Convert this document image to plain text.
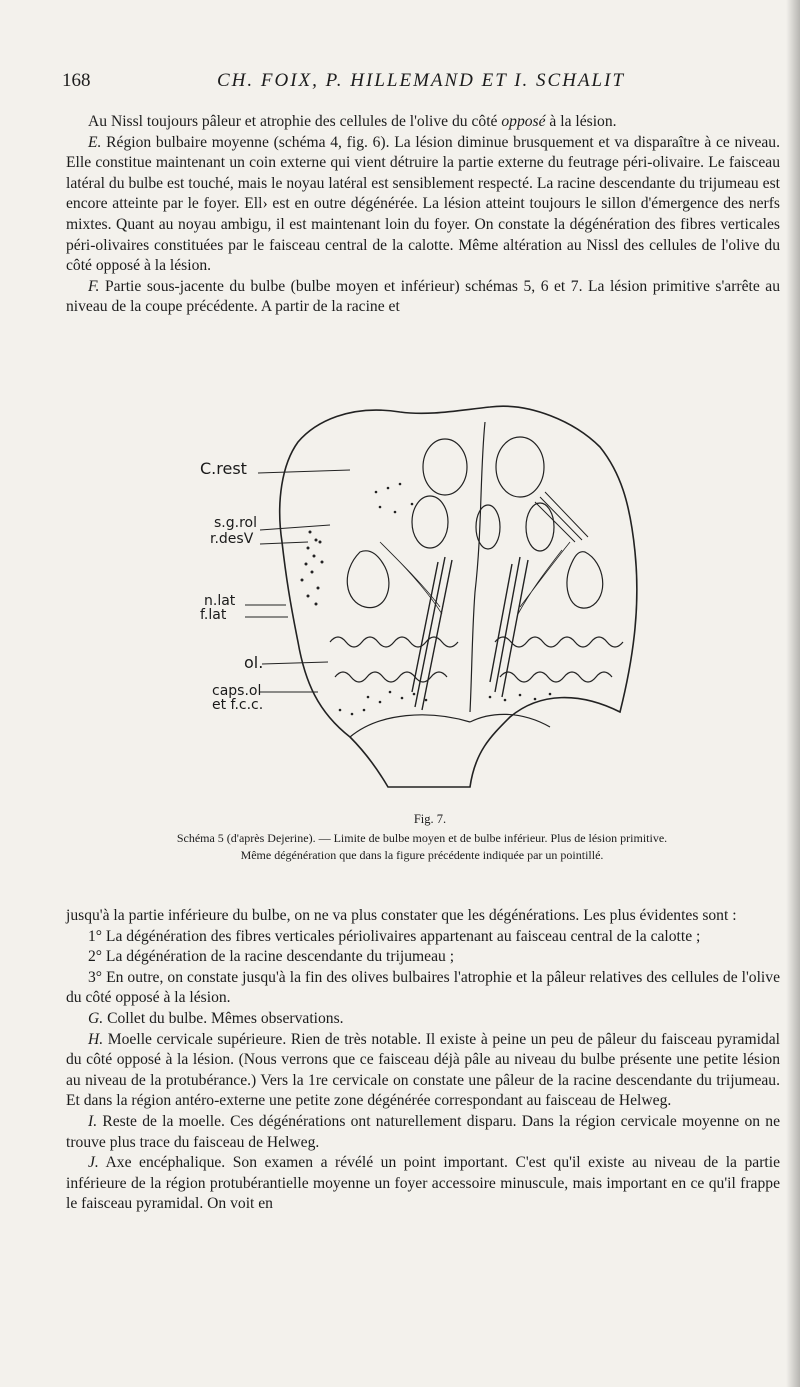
168	CH. FOIX, P. HILLEMAND ET I. SCHALIT

Au Nissl toujours pâleur et atrophie des cellules de l'olive du côté opposé à la lésion.

E. Région bulbaire moyenne (schéma 4, fig. 6). La lésion diminue brusquement et va disparaître à ce niveau. Elle constitue maintenant un coin externe qui vient détruire la partie externe du feutrage péri-olivaire. Le faisceau latéral du bulbe est touché, mais le noyau latéral est sensiblement respecté. La racine descendante du trijumeau est encore atteinte par le foyer. Ell› est en outre dégénérée. La lésion atteint toujours le sillon d'émergence des nerfs mixtes. Quant au noyau ambigu, il est maintenant loin du foyer. On constate la dégénération des fibres verticales péri-olivaires constituées par le faisceau central de la calotte. Même altération au Nissl des cellules de l'olive du côté opposé à la lésion.

F. Partie sous-jacente du bulbe (bulbe moyen et inférieur) schémas 5, 6 et 7. La lésion primitive s'arrête au niveau de la coupe précédente. A partir de la racine et

C.rest
s.g.rol
r.desV
n.lat
f.lat
ol.
caps.ol
et f.c.c.
Fig. 7.

Schéma 5 (d'après Dejerine). — Limite de bulbe moyen et de bulbe inférieur. Plus de lésion primitive.

Même dégénération que dans la figure précédente indiquée par un pointillé.

jusqu'à la partie inférieure du bulbe, on ne va plus constater que les dégénérations. Les plus évidentes sont :

1° La dégénération des fibres verticales périolivaires appartenant au faisceau central de la calotte ;

2° La dégénération de la racine descendante du trijumeau ;

3° En outre, on constate jusqu'à la fin des olives bulbaires l'atrophie et la pâleur relatives des cellules de l'olive du côté opposé à la lésion.

G. Collet du bulbe. Mêmes observations.

H. Moelle cervicale supérieure. Rien de très notable. Il existe à peine un peu de pâleur du faisceau pyramidal du côté opposé à la lésion. (Nous verrons que ce faisceau déjà pâle au niveau du bulbe présente une petite lésion au niveau de la protubérance.) Vers la 1re cervicale on constate une pâleur de la racine descendante du trijumeau. Et dans la région antéro-externe une petite zone dégénérée correspondant au faisceau de Helweg.

I. Reste de la moelle. Ces dégénérations ont naturellement disparu. Dans la région cervicale moyenne on ne trouve plus trace du faisceau de Helweg.

J. Axe encéphalique. Son examen a révélé un point important. C'est qu'il existe au niveau de la partie inférieure de la région protubérantielle moyenne un foyer accessoire minuscule, mais important en ce qu'il frappe le faisceau pyramidal. On voit en
